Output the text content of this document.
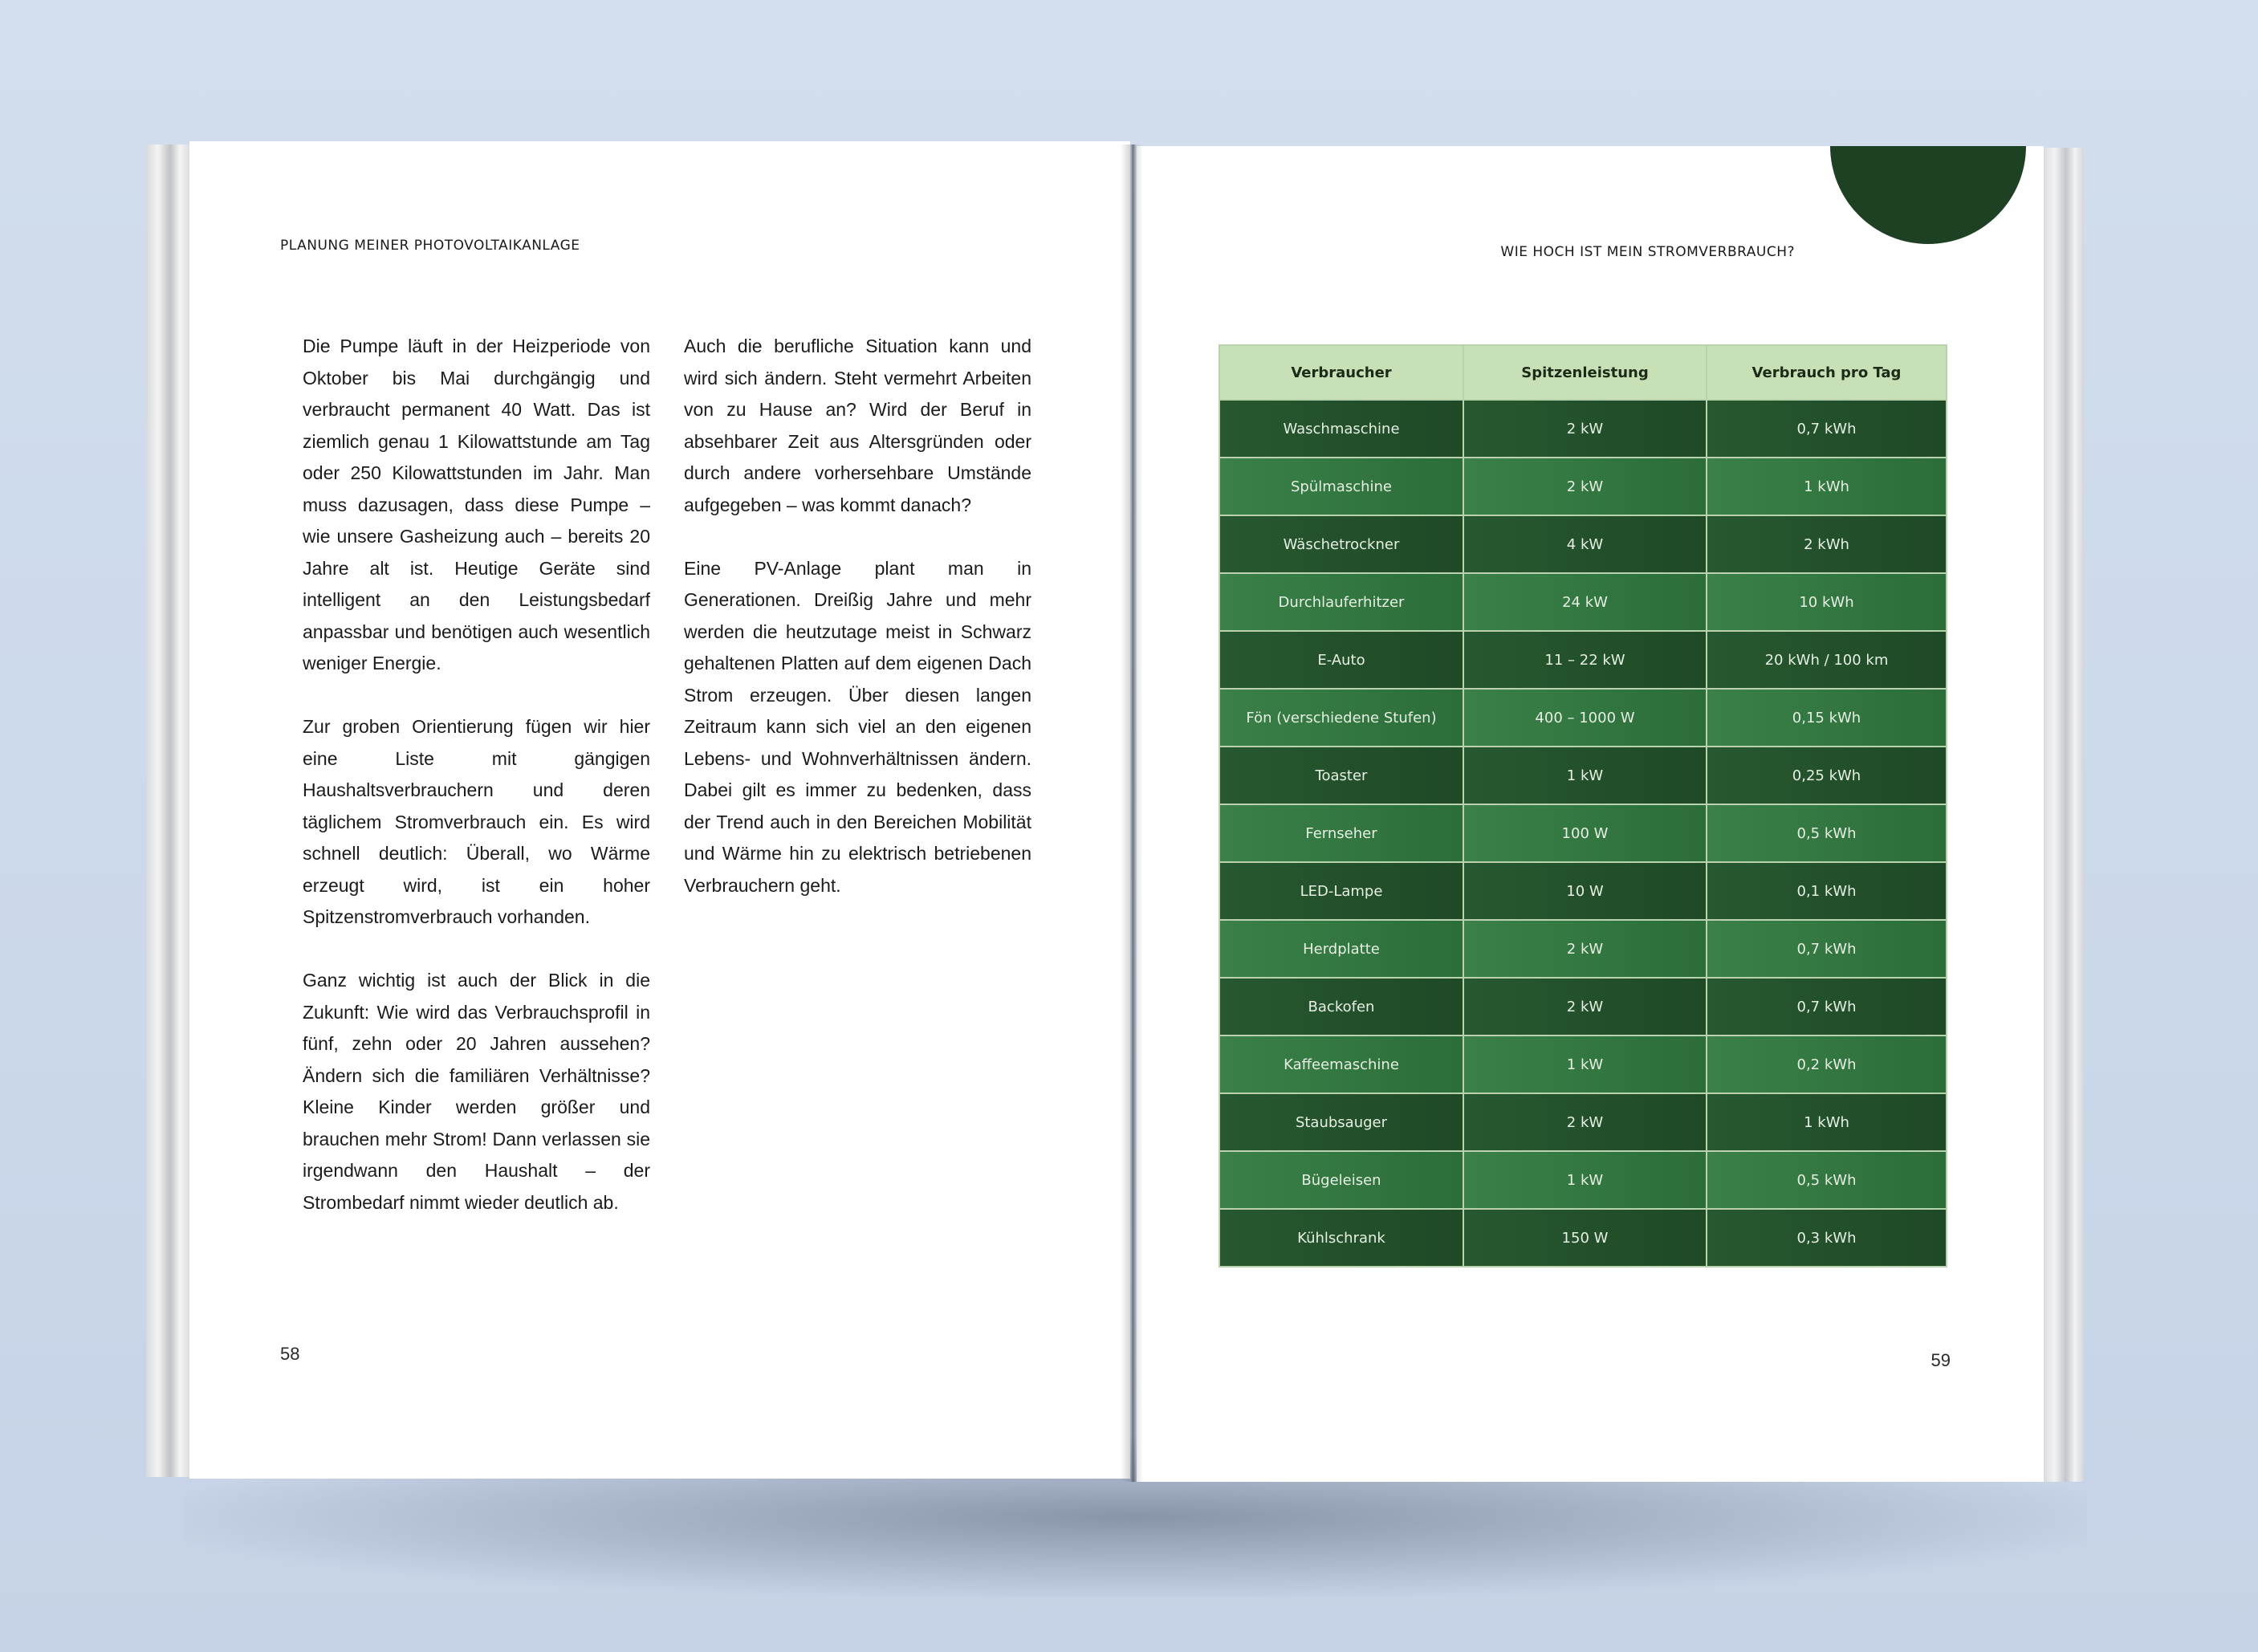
PLANUNG MEINER PHOTOVOLTAIKANLAGE

Die Pumpe läuft in der Heizperiode von Oktober bis Mai durchgängig und verbraucht permanent 40 Watt. Das ist ziemlich genau 1 Kilowattstunde am Tag oder 250 Kilowattstunden im Jahr. Man muss dazusagen, dass diese Pumpe – wie unsere Gasheizung auch – bereits 20 Jahre alt ist. Heutige Geräte sind intelligent an den Leistungsbedarf anpassbar und benötigen auch wesentlich weniger Energie.

Zur groben Orientierung fügen wir hier eine Liste mit gängigen Haushaltsverbrauchern und deren täglichem Stromverbrauch ein. Es wird schnell deutlich: Überall, wo Wärme erzeugt wird, ist ein hoher Spitzenstromverbrauch vorhanden.

Ganz wichtig ist auch der Blick in die Zukunft: Wie wird das Verbrauchsprofil in fünf, zehn oder 20 Jahren aussehen? Ändern sich die familiären Verhältnisse? Kleine Kinder werden größer und brauchen mehr Strom! Dann verlassen sie irgendwann den Haushalt – der Strombedarf nimmt wieder deutlich ab.

Auch die berufliche Situation kann und wird sich ändern. Steht vermehrt Arbeiten von zu Hause an? Wird der Beruf in absehbarer Zeit aus Altersgründen oder durch andere vorhersehbare Umstände aufgegeben – was kommt danach?

Eine PV-Anlage plant man in Generationen. Dreißig Jahre und mehr werden die heutzutage meist in Schwarz gehaltenen Platten auf dem eigenen Dach Strom erzeugen. Über diesen langen Zeitraum kann sich viel an den eigenen Lebens- und Wohnverhältnissen ändern. Dabei gilt es immer zu bedenken, dass der Trend auch in den Bereichen Mobilität und Wärme hin zu elektrisch betriebenen Verbrauchern geht.

58
WIE HOCH IST MEIN STROMVERBRAUCH?
Verbraucher	Spitzenleistung	Verbrauch pro Tag
Waschmaschine	2 kW	0,7 kWh
Spülmaschine	2 kW	1 kWh
Wäschetrockner	4 kW	2 kWh
Durchlauferhitzer	24 kW	10 kWh
E-Auto	11 – 22 kW	20 kWh / 100 km
Fön (verschiedene Stufen)	400 – 1000 W	0,15 kWh
Toaster	1 kW	0,25 kWh
Fernseher	100 W	0,5 kWh
LED-Lampe	10 W	0,1 kWh
Herdplatte	2 kW	0,7 kWh
Backofen	2 kW	0,7 kWh
Kaffeemaschine	1 kW	0,2 kWh
Staubsauger	2 kW	1 kWh
Bügeleisen	1 kW	0,5 kWh
Kühlschrank	150 W	0,3 kWh
59
